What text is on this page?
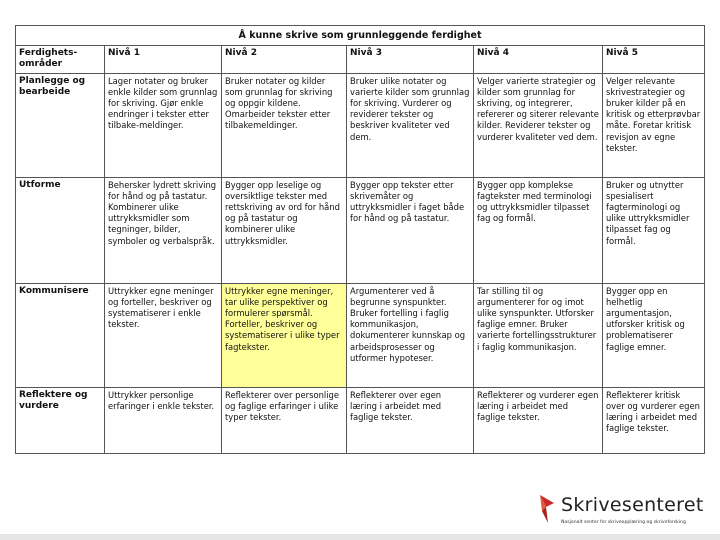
Å kunne skrive som grunnleggende ferdighet					
Ferdighets-områder	Nivå 1	Nivå 2	Nivå 3	Nivå 4	Nivå 5
Planlegge og bearbeide	Lager notater og bruker enkle kilder som grunnlag for skriving. Gjør enkle endringer i tekster etter tilbake-meldinger.	Bruker notater og kilder som grunnlag for skriving og oppgir kildene. Omarbeider tekster etter tilbakemeldinger.	Bruker ulike notater og varierte kilder som grunnlag for skriving. Vurderer og reviderer tekster og beskriver kvaliteter ved dem.	Velger varierte strategier og kilder som grunnlag for skriving, og integrerer, refererer og siterer relevante kilder. Reviderer tekster og vurderer kvaliteter ved dem.	Velger relevante skrivestrategier og bruker kilder på en kritisk og etterprøvbar måte. Foretar kritisk revisjon av egne tekster.
Utforme	Behersker lydrett skriving for hånd og på tastatur. Kombinerer ulike uttrykksmidler som tegninger, bilder, symboler og verbalspråk.	Bygger opp leselige og oversiktlige tekster med rettskriving av ord for hånd og på tastatur og kombinerer ulike uttrykksmidler.	Bygger opp tekster etter skrivemåter og uttrykksmidler i faget både for hånd og på tastatur.	Bygger opp komplekse fagtekster med terminologi og uttrykksmidler tilpasset fag og formål.	Bruker og utnytter spesialisert fagterminologi og ulike uttrykksmidler tilpasset fag og formål.
Kommunisere	Uttrykker egne meninger og forteller, beskriver og systematiserer i enkle tekster.	Uttrykker egne meninger, tar ulike perspektiver og formulerer spørsmål. Forteller, beskriver og systematiserer i ulike typer fagtekster.	Argumenterer ved å begrunne synspunkter. Bruker fortelling i faglig kommunikasjon, dokumenterer kunnskap og arbeidsprosesser og utformer hypoteser.	Tar stilling til og argumenterer for og imot ulike synspunkter. Utforsker faglige emner. Bruker varierte fortellingsstrukturer i faglig kommunikasjon.	Bygger opp en helhetlig argumentasjon, utforsker kritisk og problematiserer faglige emner.
Reflektere og vurdere	Uttrykker personlige erfaringer i enkle tekster.	Reflekterer over personlige og faglige erfaringer i ulike typer tekster.	Reflekterer over egen læring i arbeidet med faglige tekster.	Reflekterer og vurderer egen læring i arbeidet med faglige tekster.	Reflekterer kritisk over og vurderer egen læring i arbeidet med faglige tekster.
Skrivesenteret
Nasjonalt senter for skriveopplæring og skriveforsking
